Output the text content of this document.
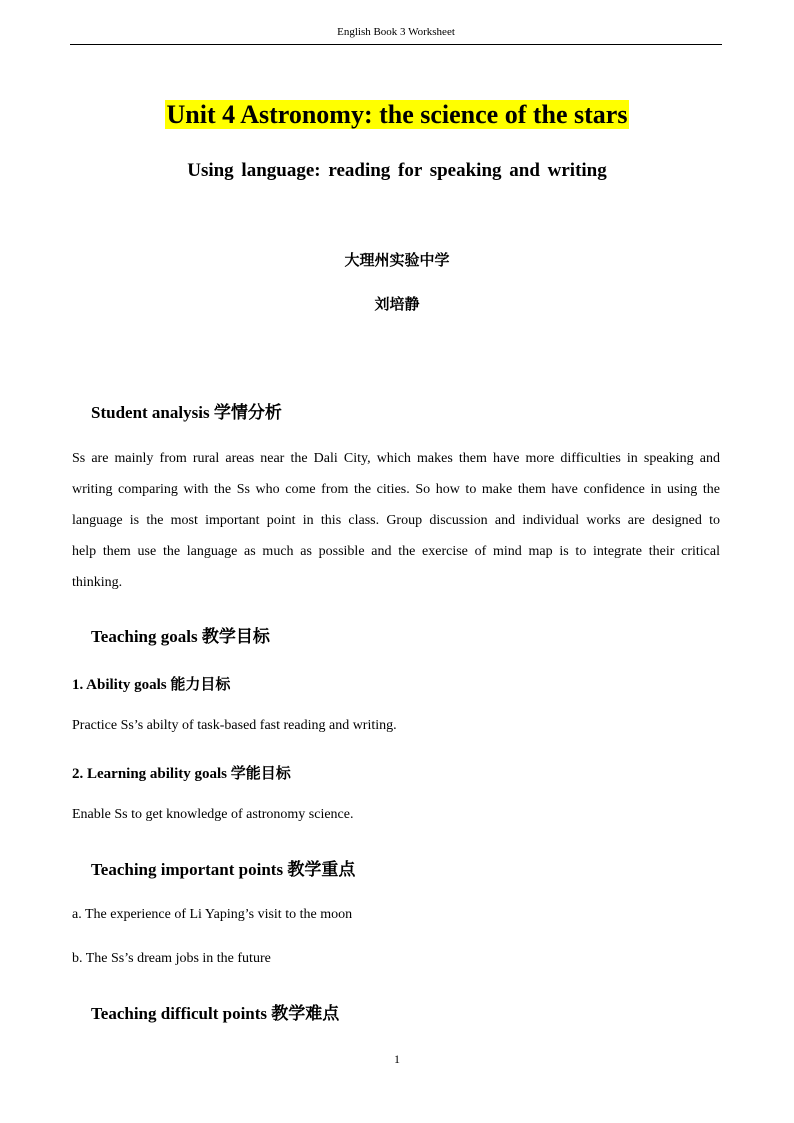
English Book 3 Worksheet
Unit 4 Astronomy: the science of the stars
Using language: reading for speaking and writing
大理州实验中学
刘培静
Student analysis 学情分析
Ss are mainly from rural areas near the Dali City, which makes them have more difficulties in speaking and writing comparing with the Ss who come from the cities. So how to make them have confidence in using the language is the most important point in this class. Group discussion and individual works are designed to help them use the language as much as possible and the exercise of mind map is to integrate their critical thinking.
Teaching goals 教学目标
1. Ability goals 能力目标
Practice Ss’s abilty of task-based fast reading and writing.
2. Learning ability goals 学能目标
Enable Ss to get knowledge of astronomy science.
Teaching important points 教学重点
a. The experience of Li Yaping’s visit to the moon
b. The Ss’s dream jobs in the future
Teaching difficult points 教学难点
1
